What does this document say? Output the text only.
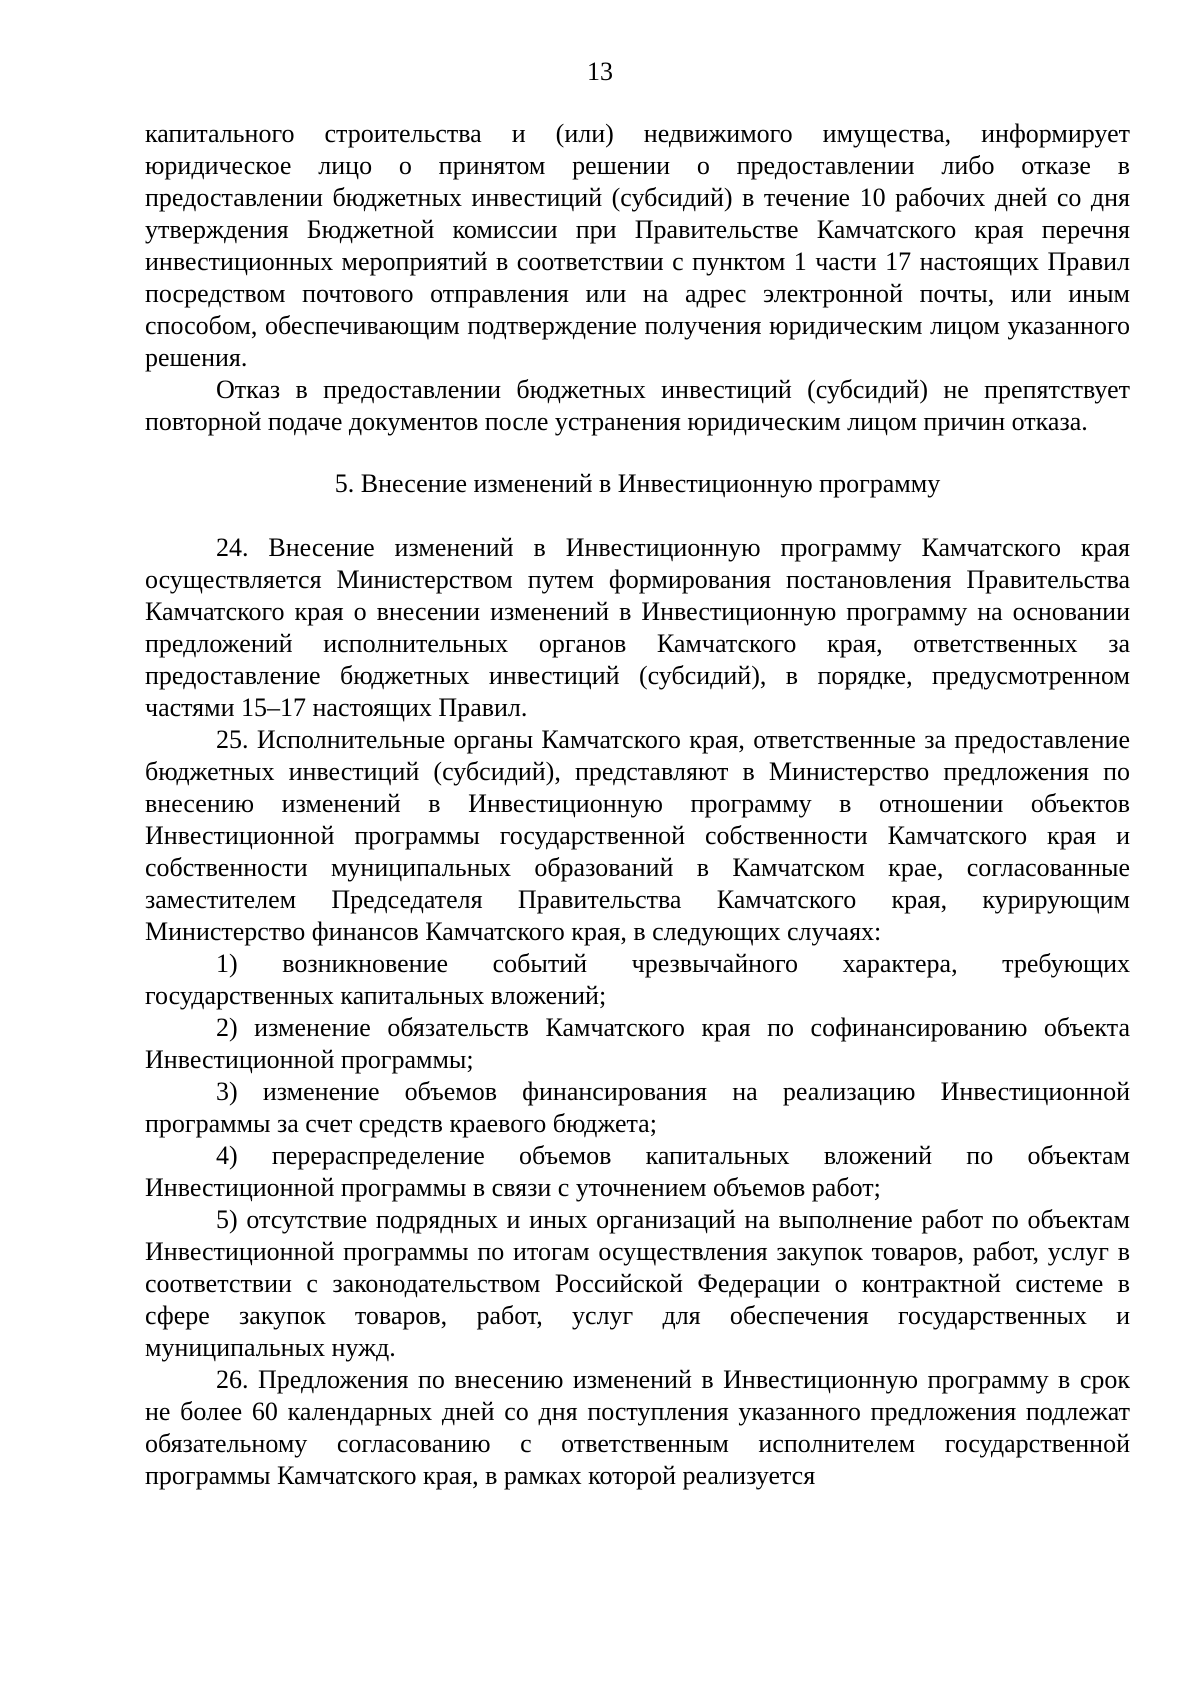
13

капитального строительства и (или) недвижимого имущества, информирует юридическое лицо о принятом решении о предоставлении либо отказе в предоставлении бюджетных инвестиций (субсидий) в течение 10 рабочих дней со дня утверждения Бюджетной комиссии при Правительстве Камчатского края перечня инвестиционных мероприятий в соответствии с пунктом 1 части 17 настоящих Правил посредством почтового отправления или на адрес электронной почты, или иным способом, обеспечивающим подтверждение получения юридическим лицом указанного решения.

Отказ в предоставлении бюджетных инвестиций (субсидий) не препятствует повторной подаче документов после устранения юридическим лицом причин отказа.

5. Внесение изменений в Инвестиционную программу

24. Внесение изменений в Инвестиционную программу Камчатского края осуществляется Министерством путем формирования постановления Правительства Камчатского края о внесении изменений в Инвестиционную программу на основании предложений исполнительных органов Камчатского края, ответственных за предоставление бюджетных инвестиций (субсидий), в порядке, предусмотренном частями 15–17 настоящих Правил.

25. Исполнительные органы Камчатского края, ответственные за предоставление бюджетных инвестиций (субсидий), представляют в Министерство предложения по внесению изменений в Инвестиционную программу в отношении объектов Инвестиционной программы государственной собственности Камчатского края и собственности муниципальных образований в Камчатском крае, согласованные заместителем Председателя Правительства Камчатского края, курирующим Министерство финансов Камчатского края, в следующих случаях:

1) возникновение событий чрезвычайного характера, требующих государственных капитальных вложений;

2) изменение обязательств Камчатского края по софинансированию объекта Инвестиционной программы;

3) изменение объемов финансирования на реализацию Инвестиционной программы за счет средств краевого бюджета;

4) перераспределение объемов капитальных вложений по объектам Инвестиционной программы в связи с уточнением объемов работ;

5) отсутствие подрядных и иных организаций на выполнение работ по объектам Инвестиционной программы по итогам осуществления закупок товаров, работ, услуг в соответствии с законодательством Российской Федерации о контрактной системе в сфере закупок товаров, работ, услуг для обеспечения государственных и муниципальных нужд.

26. Предложения по внесению изменений в Инвестиционную программу в срок не более 60 календарных дней со дня поступления указанного предложения подлежат обязательному согласованию с ответственным исполнителем государственной программы Камчатского края, в рамках которой реализуется
